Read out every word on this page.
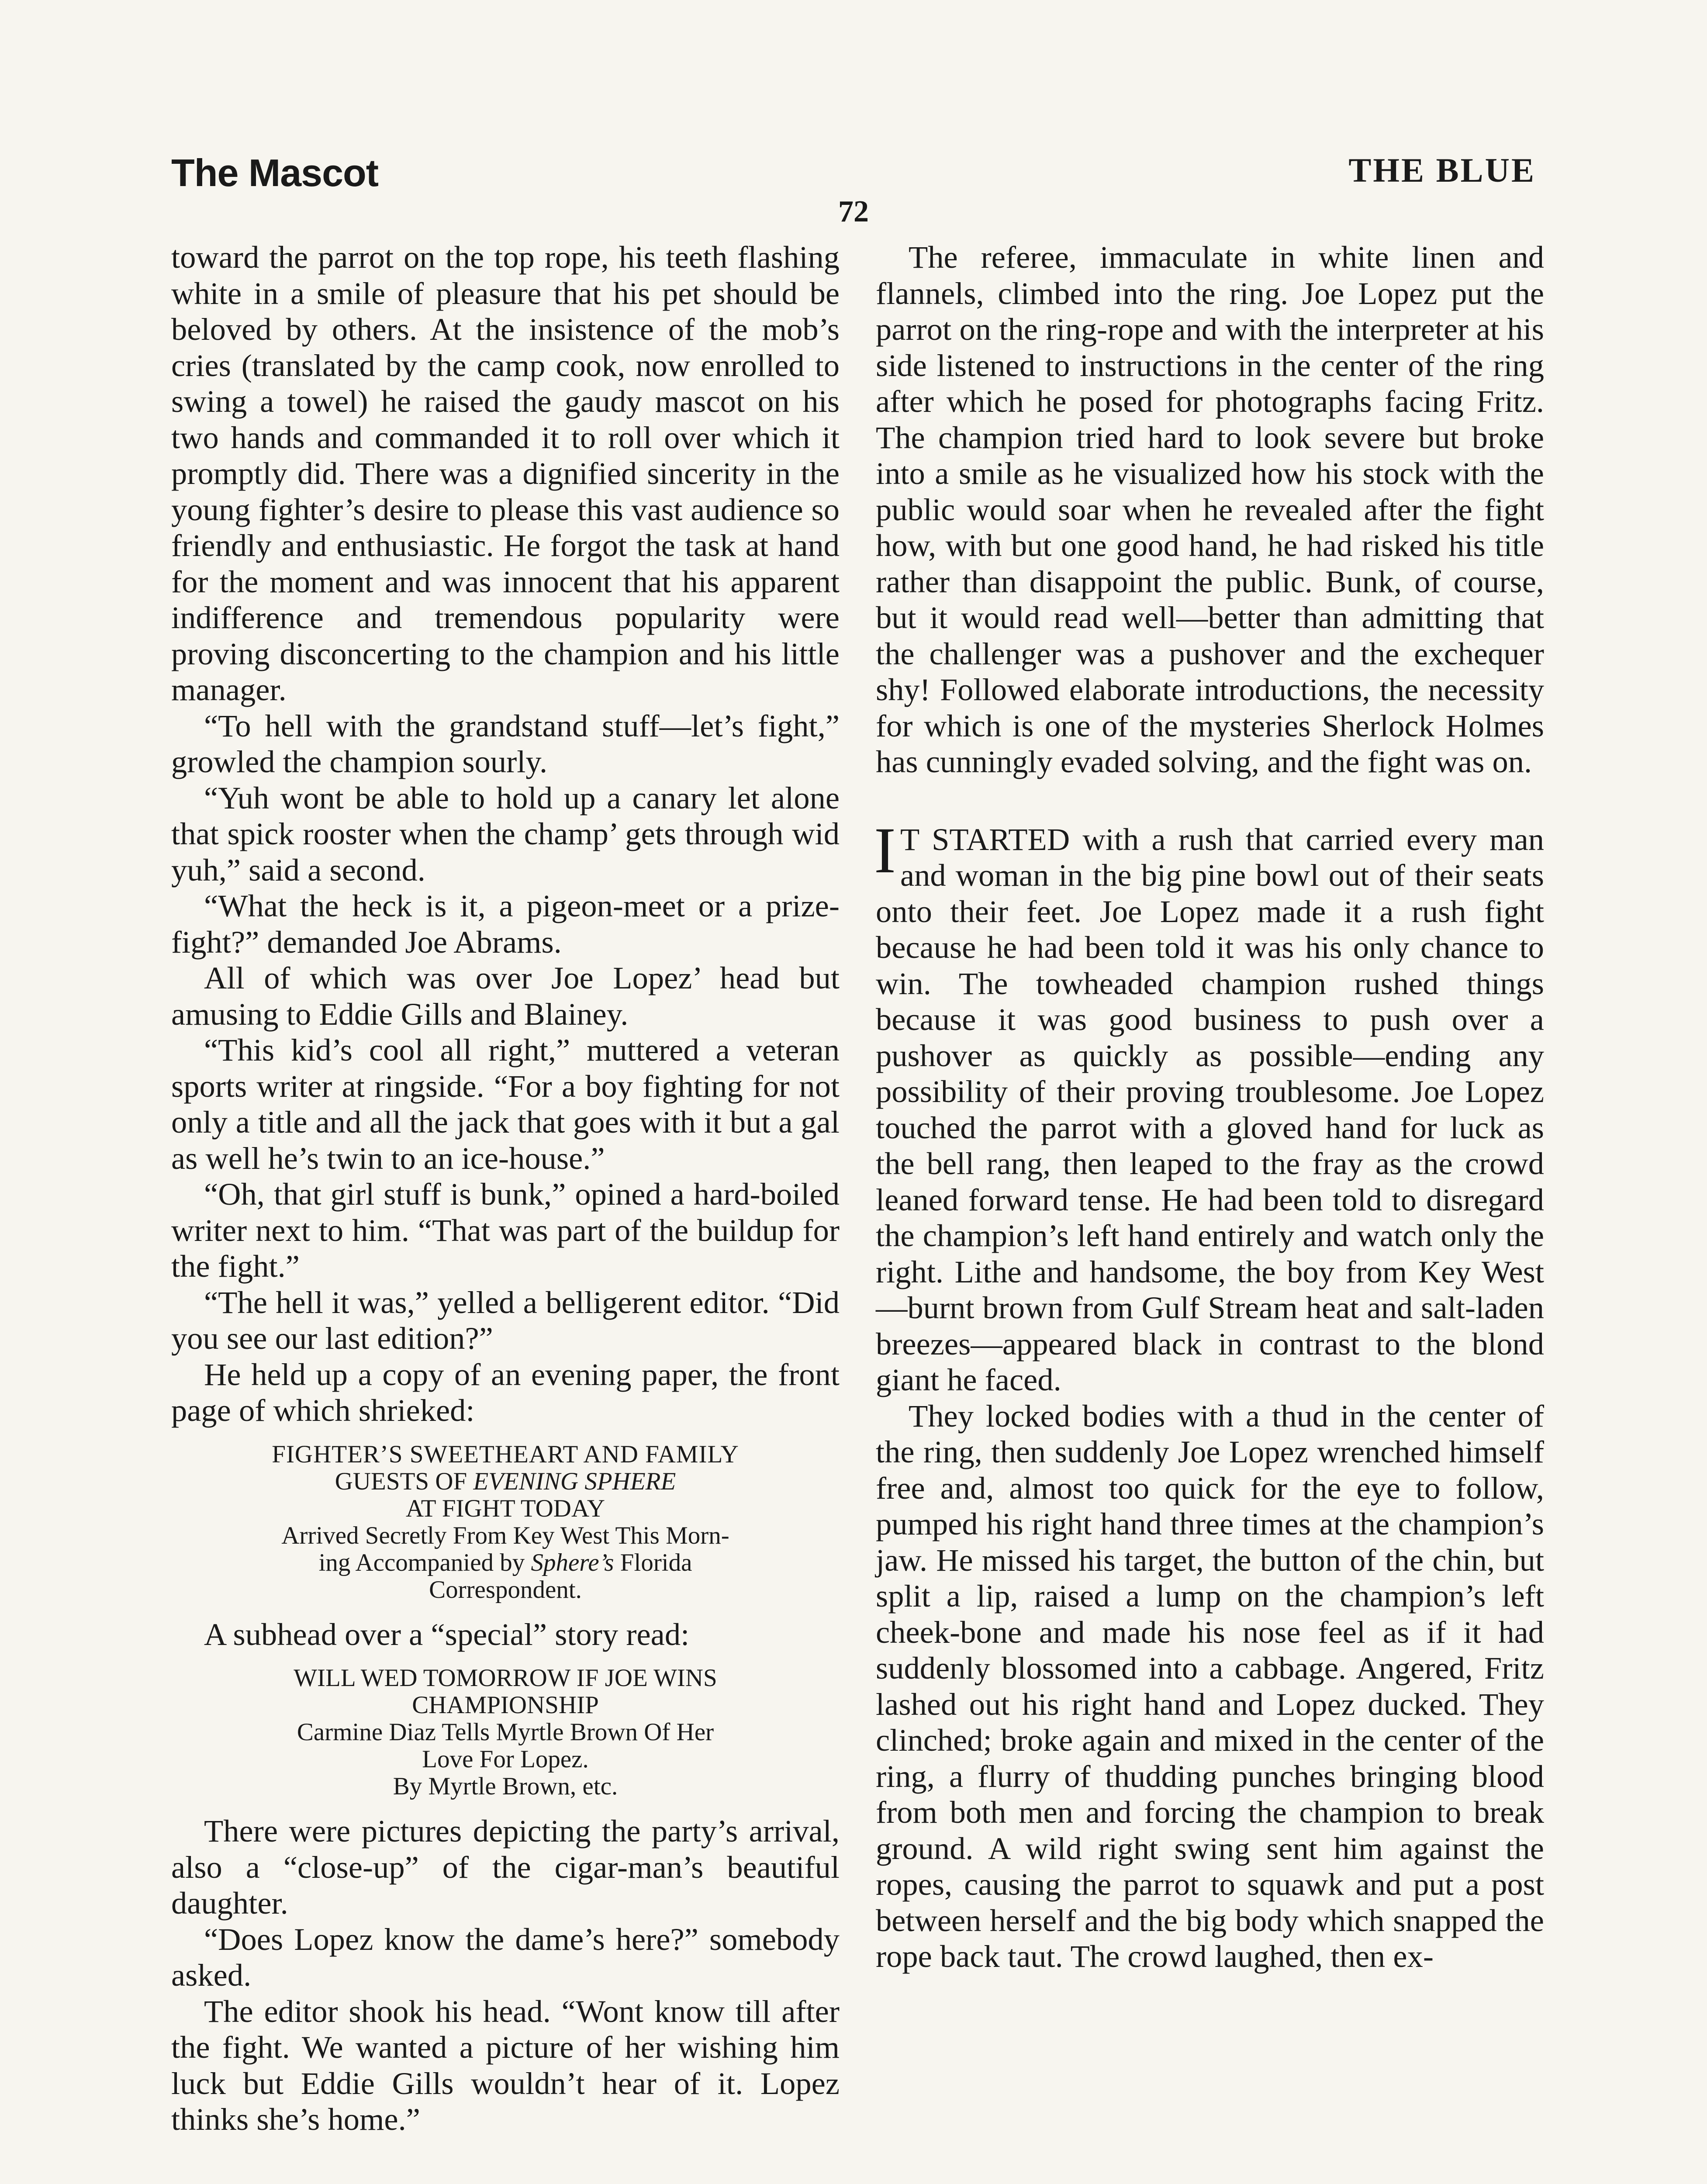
The Mascot	THE BLUE
72

toward the parrot on the top rope, his teeth flashing white in a smile of pleasure that his pet should be beloved by others. At the insistence of the mob’s cries (translated by the camp cook, now enrolled to swing a towel) he raised the gaudy mascot on his two hands and commanded it to roll over which it promptly did. There was a dignified sincerity in the young fighter’s desire to please this vast audience so friendly and enthusiastic. He forgot the task at hand for the moment and was innocent that his apparent indifference and tremendous popularity were proving disconcerting to the champion and his little manager.

“To hell with the grandstand stuff—let’s fight,” growled the champion sourly.

“Yuh wont be able to hold up a canary let alone that spick rooster when the champ’ gets through wid yuh,” said a second.

“What the heck is it, a pigeon-meet or a prize-fight?” demanded Joe Abrams.

All of which was over Joe Lopez’ head but amusing to Eddie Gills and Blainey.

“This kid’s cool all right,” muttered a veteran sports writer at ringside. “For a boy fighting for not only a title and all the jack that goes with it but a gal as well he’s twin to an ice-house.”

“Oh, that girl stuff is bunk,” opined a hard-boiled writer next to him. “That was part of the buildup for the fight.”

“The hell it was,” yelled a belligerent editor. “Did you see our last edition?”

He held up a copy of an evening paper, the front page of which shrieked:

FIGHTER’S SWEETHEART AND FAMILY
GUESTS OF EVENING SPHERE
AT FIGHT TODAY
Arrived Secretly From Key West This Morn-
ing Accompanied by Sphere’s Florida
Correspondent.

A subhead over a “special” story read:

WILL WED TOMORROW IF JOE WINS
CHAMPIONSHIP
Carmine Diaz Tells Myrtle Brown Of Her
Love For Lopez.
By Myrtle Brown, etc.

There were pictures depicting the party’s arrival, also a “close-up” of the cigar-man’s beautiful daughter.

“Does Lopez know the dame’s here?” somebody asked.

The editor shook his head. “Wont know till after the fight. We wanted a picture of her wishing him luck but Eddie Gills wouldn’t hear of it. Lopez thinks she’s home.”

The referee, immaculate in white linen and flannels, climbed into the ring. Joe Lopez put the parrot on the ring-rope and with the interpreter at his side listened to instructions in the center of the ring after which he posed for photographs facing Fritz. The champion tried hard to look severe but broke into a smile as he visualized how his stock with the public would soar when he revealed after the fight how, with but one good hand, he had risked his title rather than disappoint the public. Bunk, of course, but it would read well—better than admitting that the challenger was a pushover and the exchequer shy! Followed elaborate introductions, the necessity for which is one of the mysteries Sherlock Holmes has cunningly evaded solving, and the fight was on.

I T STARTED with a rush that carried every man and woman in the big pine bowl out of their seats onto their feet. Joe Lopez made it a rush fight because he had been told it was his only chance to win. The towheaded champion rushed things because it was good business to push over a pushover as quickly as possible—ending any possibility of their proving troublesome. Joe Lopez touched the parrot with a gloved hand for luck as the bell rang, then leaped to the fray as the crowd leaned forward tense. He had been told to disregard the champion’s left hand entirely and watch only the right. Lithe and handsome, the boy from Key West—burnt brown from Gulf Stream heat and salt-laden breezes—appeared black in contrast to the blond giant he faced.

They locked bodies with a thud in the center of the ring, then suddenly Joe Lopez wrenched himself free and, almost too quick for the eye to follow, pumped his right hand three times at the champion’s jaw. He missed his target, the button of the chin, but split a lip, raised a lump on the champion’s left cheek-bone and made his nose feel as if it had suddenly blossomed into a cabbage. Angered, Fritz lashed out his right hand and Lopez ducked. They clinched; broke again and mixed in the center of the ring, a flurry of thudding punches bringing blood from both men and forcing the champion to break ground. A wild right swing sent him against the ropes, causing the parrot to squawk and put a post between herself and the big body which snapped the rope back taut. The crowd laughed, then ex-
